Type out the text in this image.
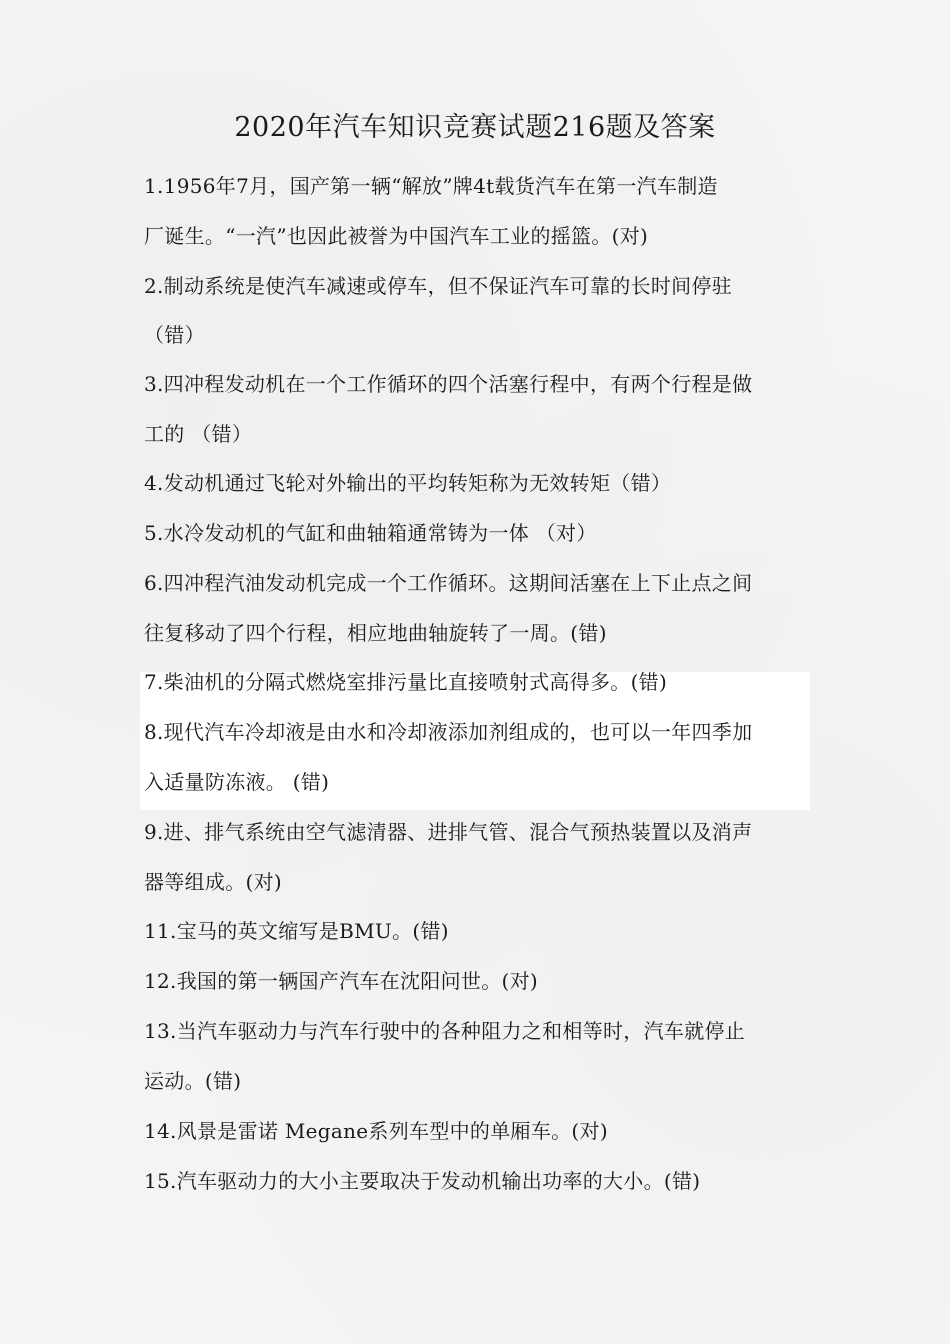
2020年汽车知识竞赛试题216题及答案
1.1956年7月，国产第一辆“解放”牌4t载货汽车在第一汽车制造
厂诞生。“一汽”也因此被誉为中国汽车工业的摇篮。(对)
2.制动系统是使汽车减速或停车，但不保证汽车可靠的长时间停驻
（错）
3.四冲程发动机在一个工作循环的四个活塞行程中，有两个行程是做
工的 （错）
4.发动机通过飞轮对外输出的平均转矩称为无效转矩（错）
5.水冷发动机的气缸和曲轴箱通常铸为一体 （对）
6.四冲程汽油发动机完成一个工作循环。这期间活塞在上下止点之间
往复移动了四个行程，相应地曲轴旋转了一周。(错)
7.柴油机的分隔式燃烧室排污量比直接喷射式高得多。(错)
8.现代汽车冷却液是由水和冷却液添加剂组成的，也可以一年四季加
入适量防冻液。 (错)
9.进、排气系统由空气滤清器、进排气管、混合气预热装置以及消声
器等组成。(对)
11.宝马的英文缩写是BMU。(错)
12.我国的第一辆国产汽车在沈阳问世。(对)
13.当汽车驱动力与汽车行驶中的各种阻力之和相等时，汽车就停止
运动。(错)
14.风景是雷诺 Megane系列车型中的单厢车。(对)
15.汽车驱动力的大小主要取决于发动机输出功率的大小。(错)
